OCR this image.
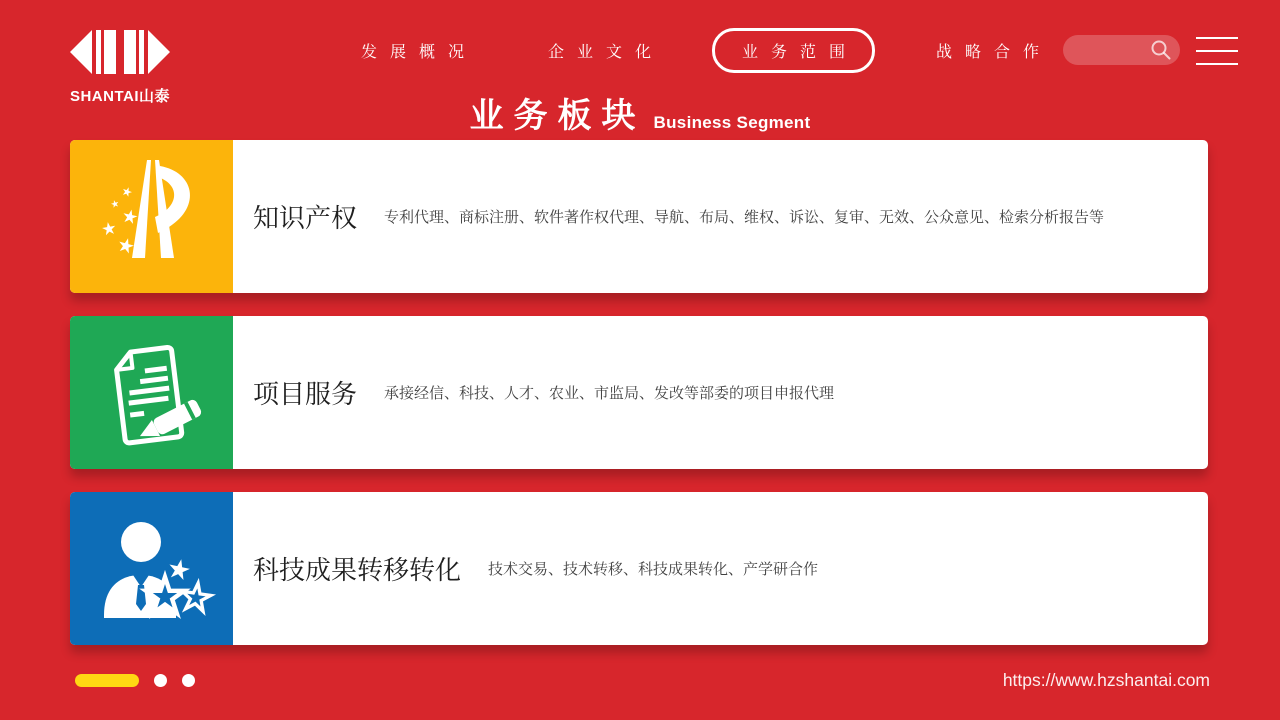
SHANTAI山泰
发展概况	企业文化	业务范围	战略合作
业务板块 Business Segment
知识产权 专利代理、商标注册、软件著作权代理、导航、布局、维权、诉讼、复审、无效、公众意见、检索分析报告等
项目服务 承接经信、科技、人才、农业、市监局、发改等部委的项目申报代理
科技成果转移转化 技术交易、技术转移、科技成果转化、产学研合作
https://www.hzshantai.com
